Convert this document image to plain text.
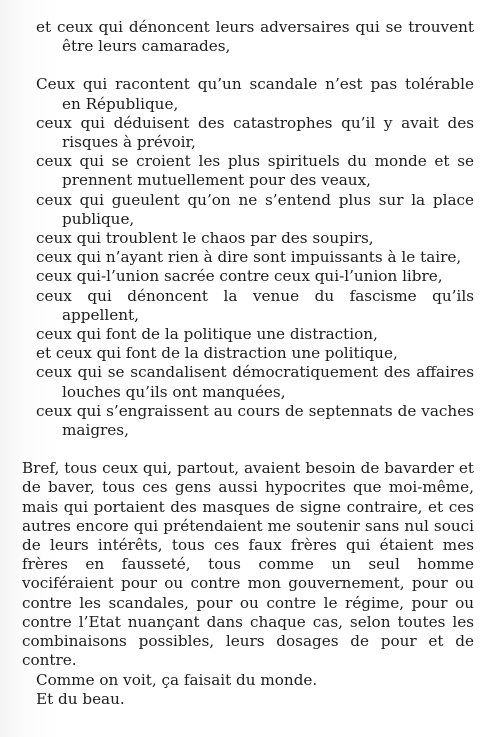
et ceux qui dénoncent leurs adversaires qui se trouvent être leurs camarades,
Ceux qui racontent qu’un scandale n’est pas tolérable en République,
ceux qui déduisent des catastrophes qu’il y avait des risques à prévoir,
ceux qui se croient les plus spirituels du monde et se prennent mutuellement pour des veaux,
ceux qui gueulent qu’on ne s’entend plus sur la place publique,
ceux qui troublent le chaos par des soupirs,
ceux qui n’ayant rien à dire sont impuissants à le taire,
ceux qui-l’union sacrée contre ceux qui-l’union libre,
ceux qui dénoncent la venue du fascisme qu’ils appellent,
ceux qui font de la politique une distraction,
et ceux qui font de la distraction une politique,
ceux qui se scandalisent démocratiquement des affaires louches qu’ils ont manquées,
ceux qui s’engraissent au cours de septennats de vaches maigres,

Bref, tous ceux qui, partout, avaient besoin de bavarder et de baver, tous ces gens aussi hypocrites que moi-même, mais qui portaient des masques de signe contraire, et ces autres encore qui prétendaient me soutenir sans nul souci de leurs intérêts, tous ces faux frères qui étaient mes frères en fausseté, tous comme un seul homme vociféraient pour ou contre mon gouvernement, pour ou contre les scandales, pour ou contre le régime, pour ou contre l’Etat nuançant dans chaque cas, selon toutes les combinaisons possibles, leurs dosages de pour et de contre.

Comme on voit, ça faisait du monde.

Et du beau.
